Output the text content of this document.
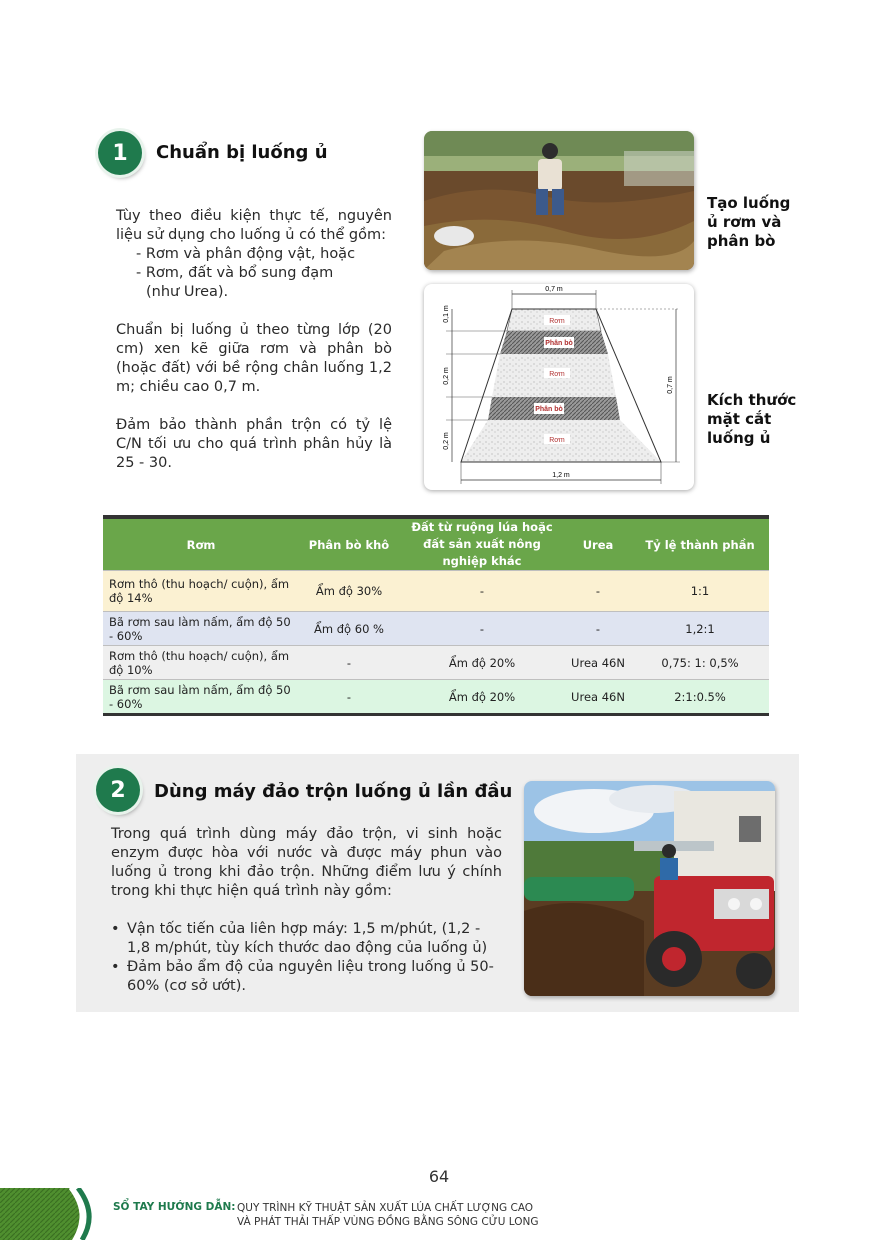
1	Chuẩn bị luống ủ

Tùy theo điều kiện thực tế, nguyên liệu sử dụng cho luống ủ có thể gồm:

- Rơm và phân động vật, hoặc

- Rơm, đất và bổ sung đạm

(như Urea).

Chuẩn bị luống ủ theo từng lớp (20 cm) xen kẽ giữa rơm và phân bò (hoặc đất) với bề rộng chân luống 1,2 m; chiều cao 0,7 m.

Đảm bảo thành phần trộn có tỷ lệ C/N tối ưu cho quá trình phân hủy là 25 - 30.

Tạo luống ủ rơm và phân bò
Rơm
Phân bò
Rơm
Phân bò
Rơm
0,7 m
1,2 m
0,7 m
0,1 m
0,2 m
0,2 m
Kích thước mặt cắt luống ủ
Rơm	Phân bò khô	Đất từ ruộng lúa hoặc đất sản xuất nông nghiệp khác	Urea	Tỷ lệ thành phần
Rơm thô (thu hoạch/ cuộn), ẩm độ 14%	Ẩm độ 30%	-	-	1:1
Bã rơm sau làm nấm, ẩm độ 50 - 60%	Ẩm độ 60 %	-	-	1,2:1
Rơm thô (thu hoạch/ cuộn), ẩm độ 10%	-	Ẩm độ 20%	Urea 46N	0,75: 1: 0,5%
Bã rơm sau làm nấm, ẩm độ 50 - 60%	-	Ẩm độ 20%	Urea 46N	2:1:0.5%
2	Dùng máy đảo trộn luống ủ lần đầu

Trong quá trình dùng máy đảo trộn, vi sinh hoặc enzym được hòa với nước và được máy phun vào luống ủ trong khi đảo trộn. Những điểm lưu ý chính trong khi thực hiện quá trình này gồm:

• Vận tốc tiến của liên hợp máy: 1,5 m/phút, (1,2 - 1,8 m/phút, tùy kích thước dao động của luống ủ)
• Đảm bảo ẩm độ của nguyên liệu trong luống ủ 50-60% (cơ sở ướt).
64
SỔ TAY HƯỚNG DẪN: QUY TRÌNH KỸ THUẬT SẢN XUẤT LÚA CHẤT LƯỢNG CAO
VÀ PHÁT THẢI THẤP VÙNG ĐỒNG BẰNG SÔNG CỬU LONG
